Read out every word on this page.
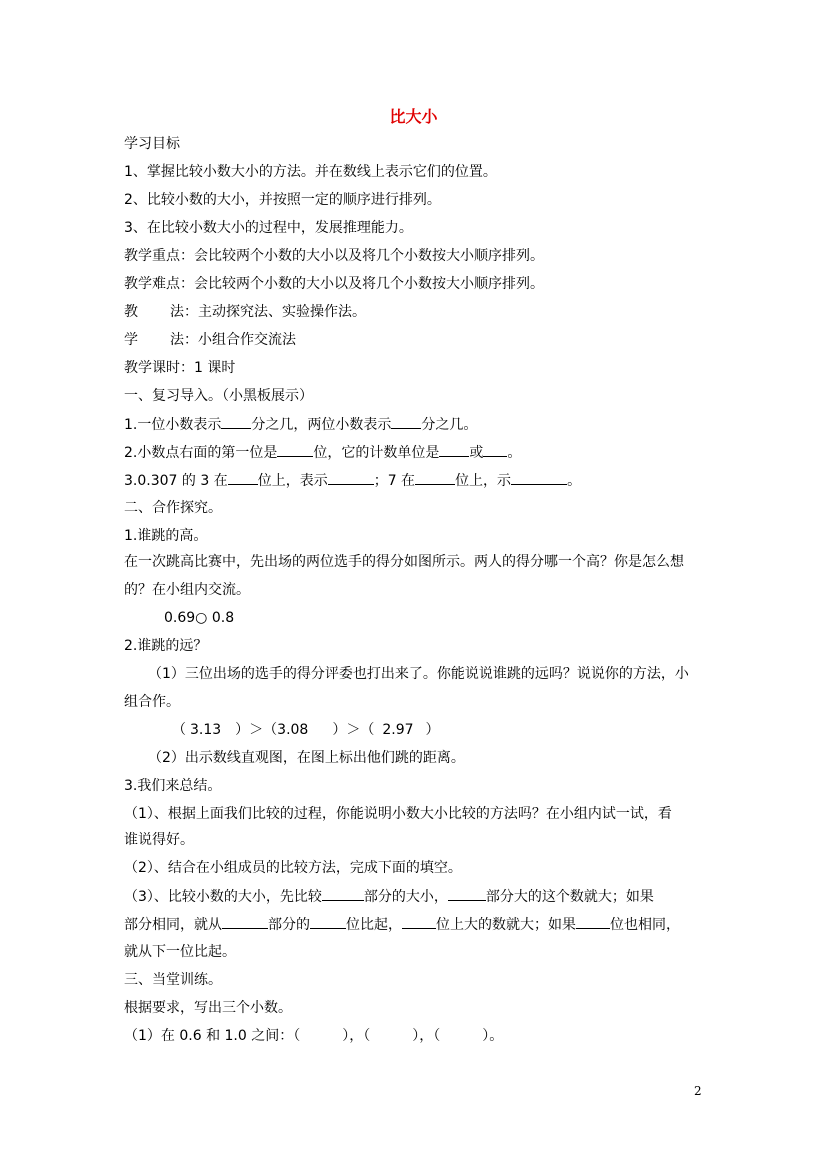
比大小
学习目标
1、掌握比较小数大小的方法。并在数线上表示它们的位置。
2、比较小数的大小，并按照一定的顺序进行排列。
3、在比较小数大小的过程中，发展推理能力。
教学重点：会比较两个小数的大小以及将几个小数按大小顺序排列。
教学难点：会比较两个小数的大小以及将几个小数按大小顺序排列。
教 法：主动探究法、实验操作法。
学 法：小组合作交流法
教学课时：1 课时
一、复习导入。（小黑板展示）
1.一位小数表示 分之几，两位小数表示 分之几。
2.小数点右面的第一位是	位，它的计数单位是 或 。
3.0.307 的 3 在 位上，表示	；7 在	位上，示	。
二、合作探究。
1.谁跳的高。
在一次跳高比赛中，先出场的两位选手的得分如图所示。两人的得分哪一个高？你是怎么想
的？在小组内交流。
0.69○ 0.8
2.谁跳的远？
（1）三位出场的选手的得分评委也打出来了。你能说说谁跳的远吗？说说你的方法，小
组合作。
（ 3.13 ）＞（3.08 ）＞（ 2.97 ）
（2）出示数线直观图，在图上标出他们跳的距离。
3.我们来总结。
（1）、根据上面我们比较的过程，你能说明小数大小比较的方法吗？在小组内试一试，看
谁说得好。
（2）、结合在小组成员的比较方法，完成下面的填空。
（3）、比较小数的大小，先比较	部分的大小，	部分大的这个数就大；如果
部分相同，就从	部分的	位比起， 位上大的数就大；如果 位也相同，
就从下一位比起。
三、当堂训练。
根据要求，写出三个小数。
（1）在 0.6 和 1.0 之间：（　　　），（　　　），（　　　）。
2
